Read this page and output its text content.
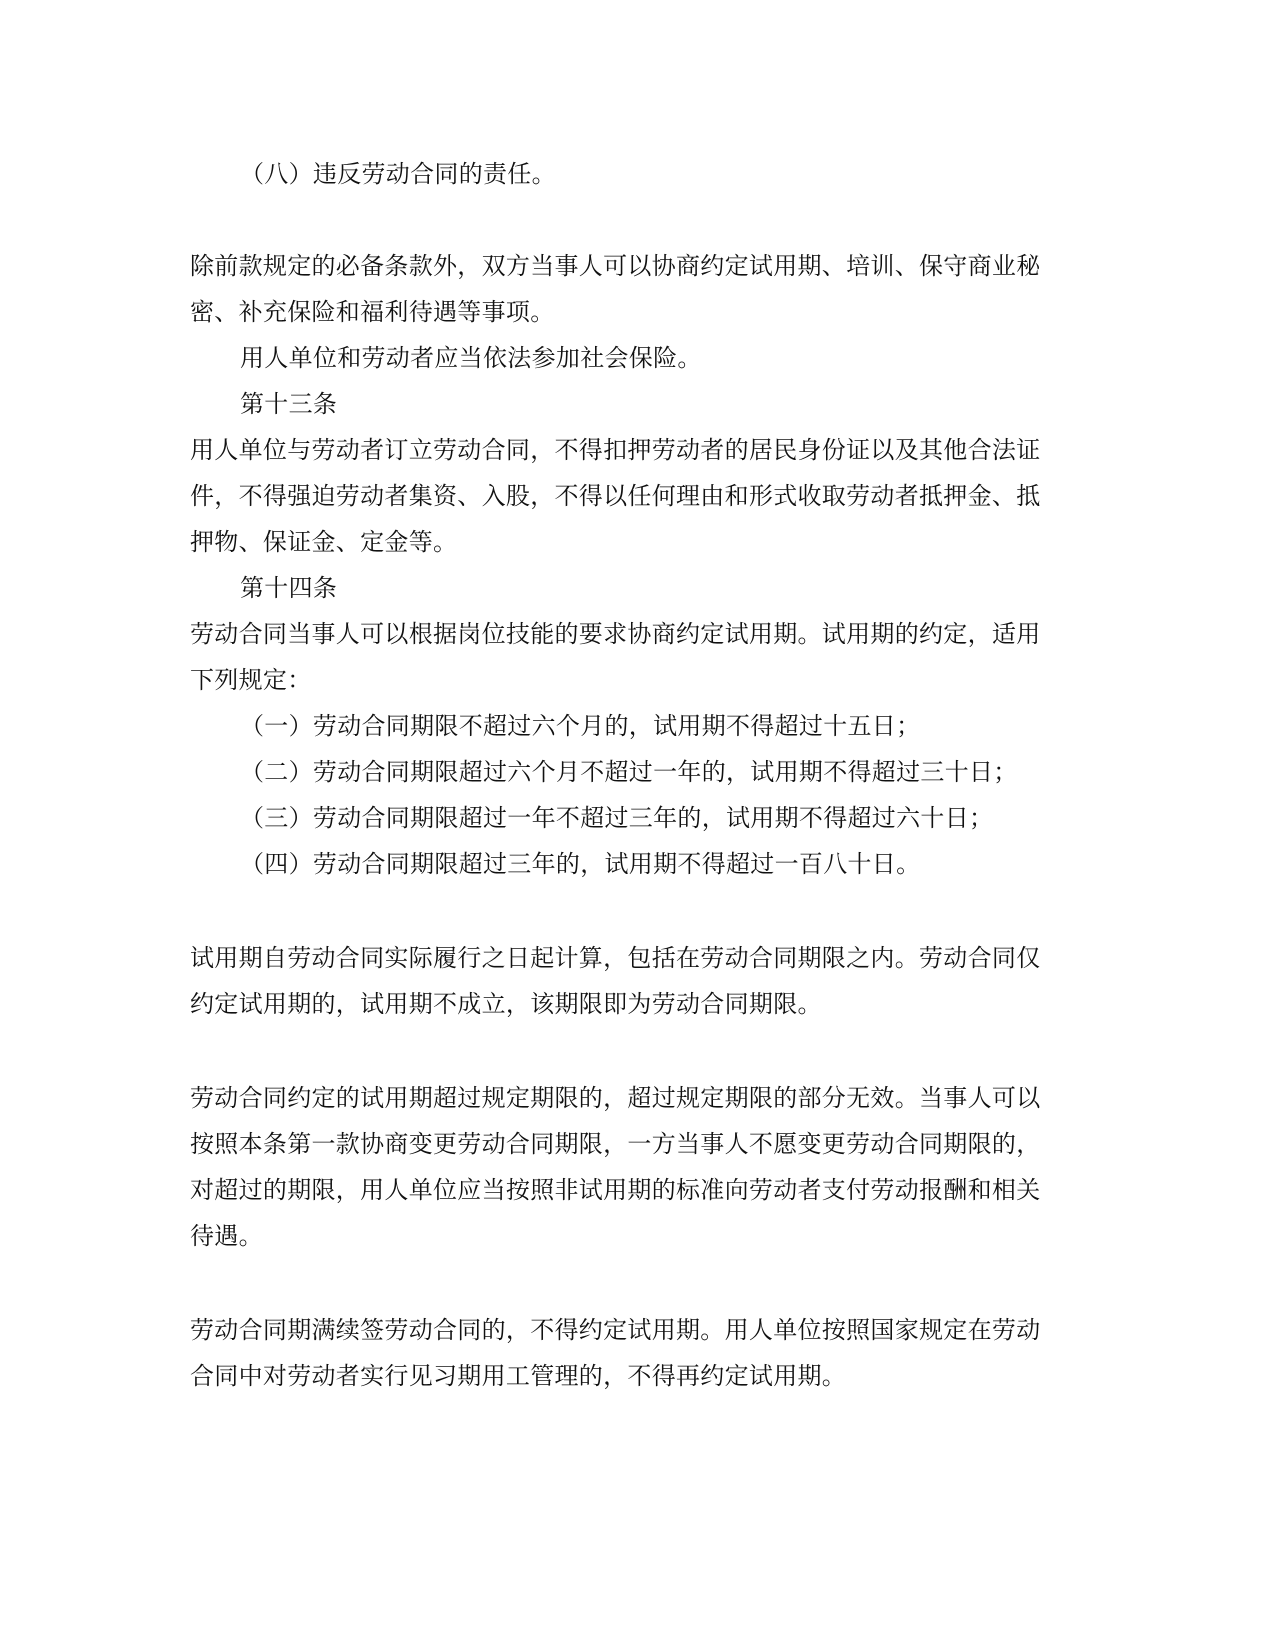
（八）违反劳动合同的责任。
除前款规定的必备条款外，双方当事人可以协商约定试用期、培训、保守商业秘
密、补充保险和福利待遇等事项。
用人单位和劳动者应当依法参加社会保险。
第十三条
用人单位与劳动者订立劳动合同，不得扣押劳动者的居民身份证以及其他合法证
件，不得强迫劳动者集资、入股，不得以任何理由和形式收取劳动者抵押金、抵
押物、保证金、定金等。
第十四条
劳动合同当事人可以根据岗位技能的要求协商约定试用期。试用期的约定，适用
下列规定：
（一）劳动合同期限不超过六个月的，试用期不得超过十五日；
（二）劳动合同期限超过六个月不超过一年的，试用期不得超过三十日；
（三）劳动合同期限超过一年不超过三年的，试用期不得超过六十日；
（四）劳动合同期限超过三年的，试用期不得超过一百八十日。
试用期自劳动合同实际履行之日起计算，包括在劳动合同期限之内。劳动合同仅
约定试用期的，试用期不成立，该期限即为劳动合同期限。
劳动合同约定的试用期超过规定期限的，超过规定期限的部分无效。当事人可以
按照本条第一款协商变更劳动合同期限，一方当事人不愿变更劳动合同期限的，
对超过的期限，用人单位应当按照非试用期的标准向劳动者支付劳动报酬和相关
待遇。
劳动合同期满续签劳动合同的，不得约定试用期。用人单位按照国家规定在劳动
合同中对劳动者实行见习期用工管理的，不得再约定试用期。
